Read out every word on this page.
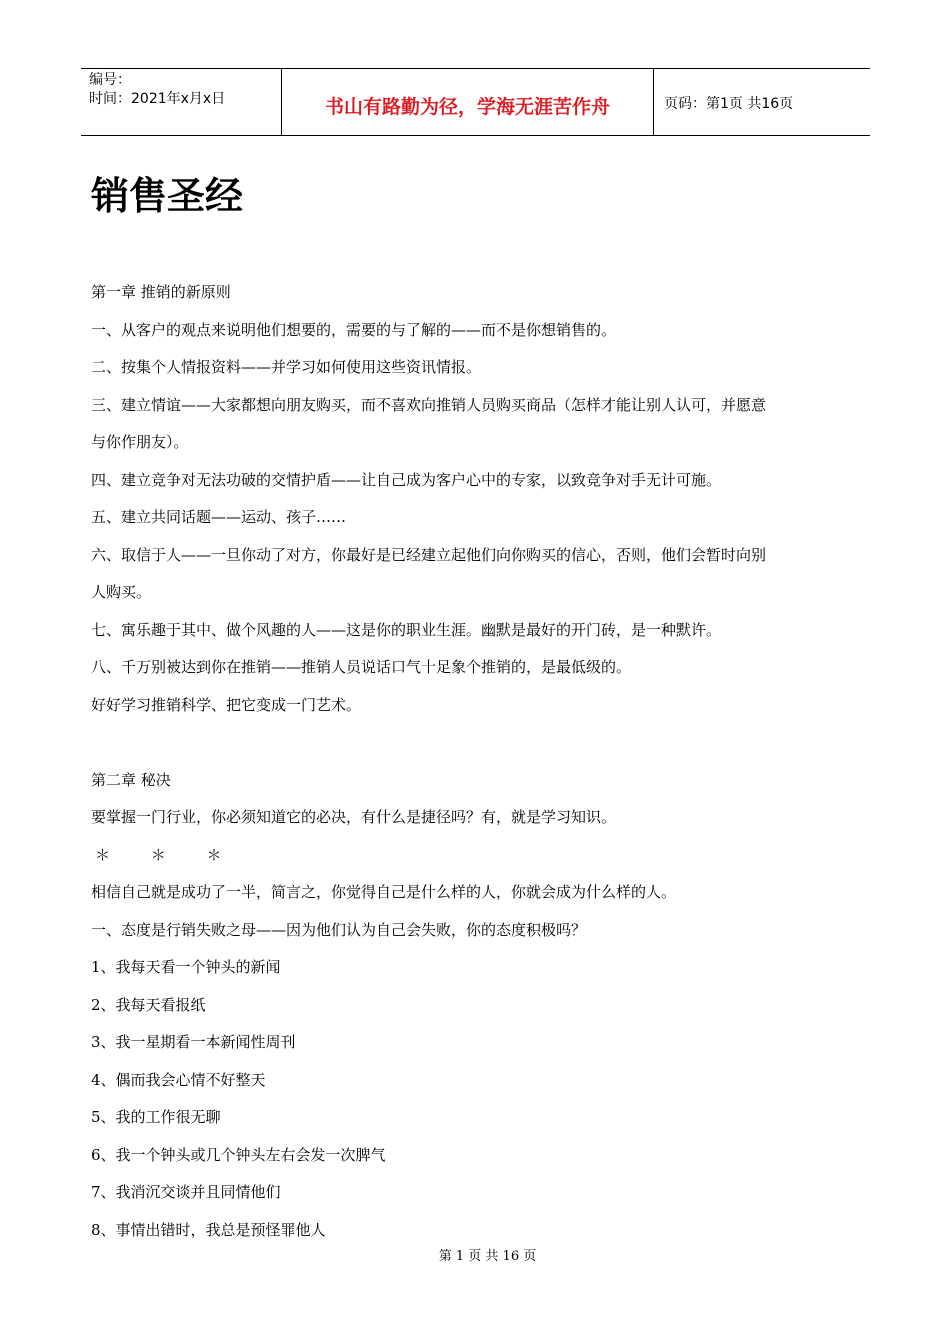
编号：
时间：2021年x月x日	书山有路勤为径，学海无涯苦作舟	页码：第1页 共16页
销售圣经
第一章 推销的新原则
一、从客户的观点来说明他们想要的，需要的与了解的——而不是你想销售的。
二、按集个人情报资料——并学习如何使用这些资讯情报。
三、建立情谊——大家都想向朋友购买，而不喜欢向推销人员购买商品（怎样才能让别人认可，并愿意
与你作朋友）。
四、建立竞争对无法功破的交情护盾——让自己成为客户心中的专家，以致竞争对手无计可施。
五、建立共同话题——运动、孩子……
六、取信于人——一旦你动了对方，你最好是已经建立起他们向你购买的信心，否则，他们会暂时向别
人购买。
七、寓乐趣于其中、做个风趣的人——这是你的职业生涯。幽默是最好的开门砖，是一种默许。
八、千万别被达到你在推销——推销人员说话口气十足象个推销的，是最低级的。
好好学习推销科学、把它变成一门艺术。
第二章 秘决
要掌握一门行业，你必须知道它的必决，有什么是捷径吗？有，就是学习知识。
＊ ＊ ＊
相信自己就是成功了一半，简言之，你觉得自己是什么样的人，你就会成为什么样的人。
一、态度是行销失败之母——因为他们认为自己会失败，你的态度积极吗？
1、我每天看一个钟头的新闻
2、我每天看报纸
3、我一星期看一本新闻性周刊
4、偶而我会心情不好整天
5、我的工作很无聊
6、我一个钟头或几个钟头左右会发一次脾气
7、我消沉交谈并且同情他们
8、事情出错时，我总是预怪罪他人
第 1 页 共 16 页
